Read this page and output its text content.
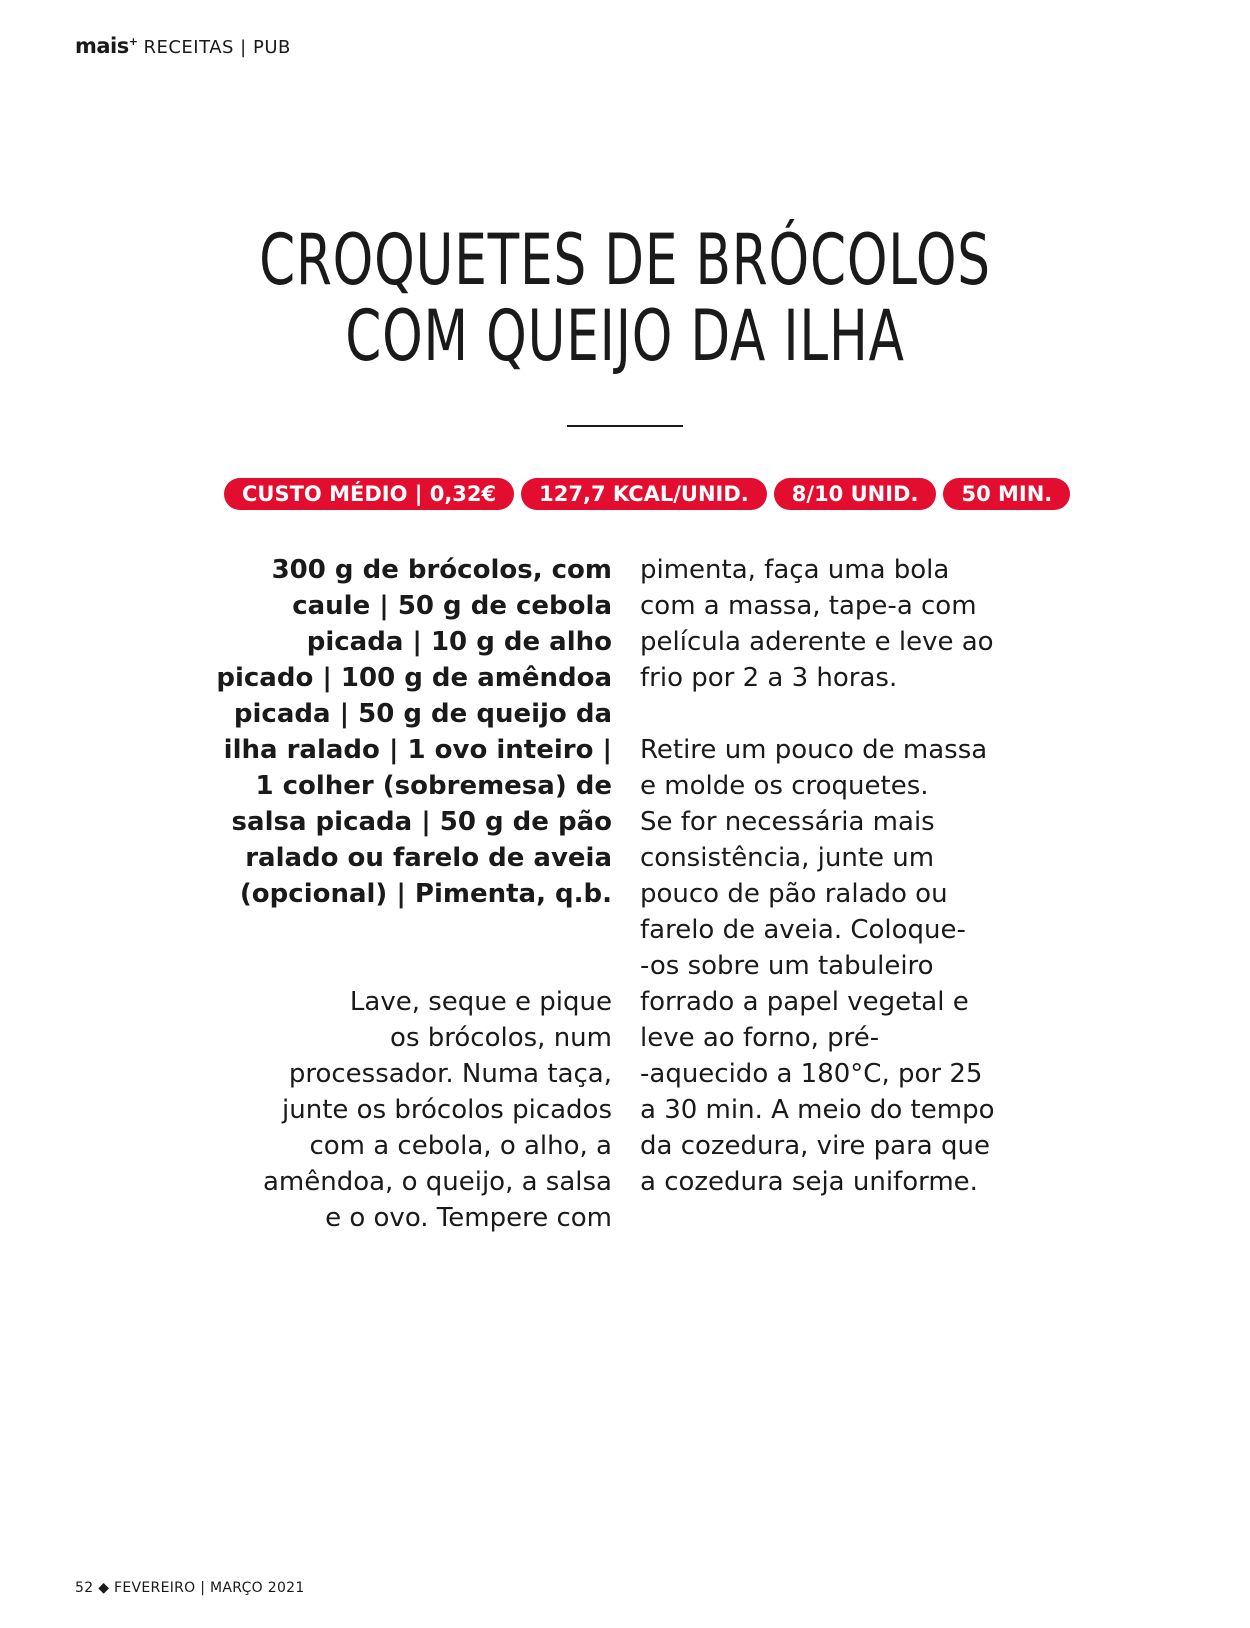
mais+ RECEITAS | PUB
CROQUETES DE BRÓCOLOS
COM QUEIJO DA ILHA
CUSTO MÉDIO | 0,32€	127,7 KCAL/UNID.	8/10 UNID.	50 MIN.
300 g de brócolos, com
caule | 50 g de cebola
picada | 10 g de alho
picado | 100 g de amêndoa
picada | 50 g de queijo da
ilha ralado | 1 ovo inteiro |
1 colher (sobremesa) de
salsa picada | 50 g de pão
ralado ou farelo de aveia
(opcional) | Pimenta, q.b.
Lave, seque e pique
os brócolos, num
processador. Numa taça,
junte os brócolos picados
com a cebola, o alho, a
amêndoa, o queijo, a salsa
e o ovo. Tempere com
pimenta, faça uma bola
com a massa, tape-a com
película aderente e leve ao
frio por 2 a 3 horas.
Retire um pouco de massa
e molde os croquetes.
Se for necessária mais
consistência, junte um
pouco de pão ralado ou
farelo de aveia. Coloque-
-os sobre um tabuleiro
forrado a papel vegetal e
leve ao forno, pré-
-aquecido a 180°C, por 25
a 30 min. A meio do tempo
da cozedura, vire para que
a cozedura seja uniforme.
52 ◆ FEVEREIRO | MARÇO 2021
